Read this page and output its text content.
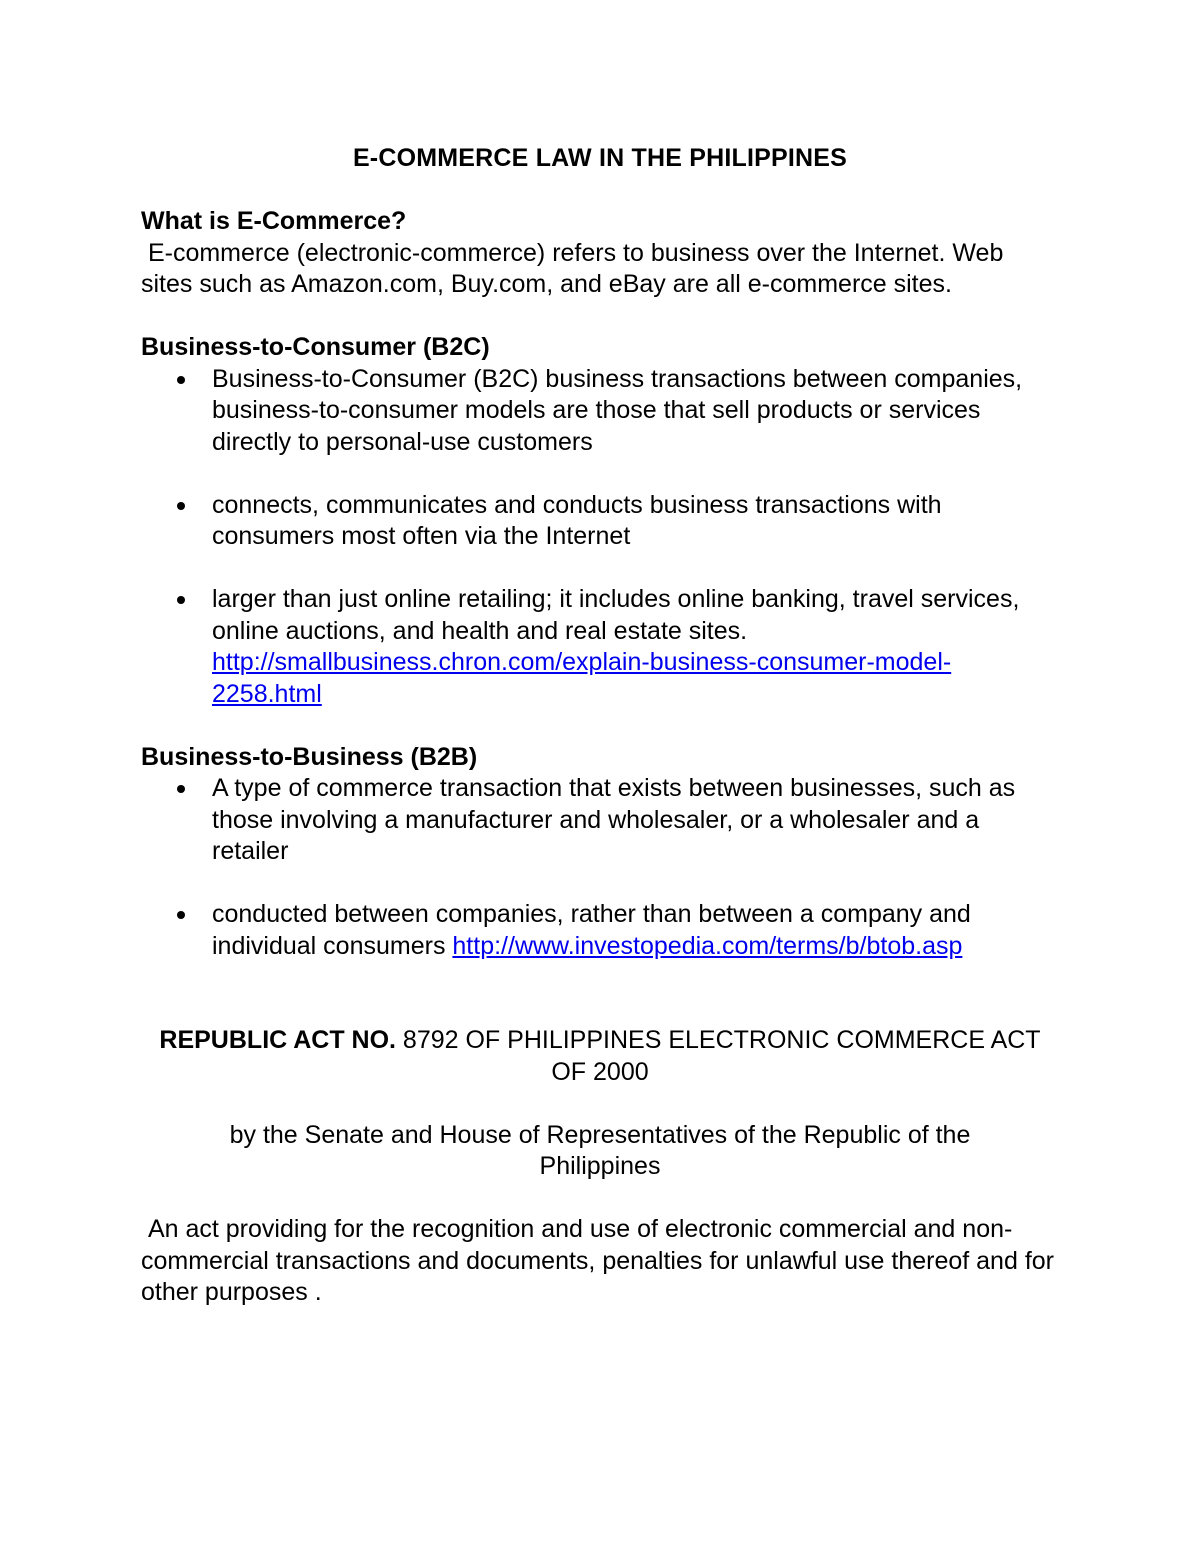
E-COMMERCE LAW IN THE PHILIPPINES

What is E-Commerce?

E-commerce (electronic-commerce) refers to business over the Internet. Web sites such as Amazon.com, Buy.com, and eBay are all e-commerce sites.

Business-to-Consumer (B2C)

Business-to-Consumer (B2C) business transactions between companies, business-to-consumer models are those that sell products or services directly to personal-use customers
connects, communicates and conducts business transactions with consumers most often via the Internet
larger than just online retailing; it includes online banking, travel services, online auctions, and health and real estate sites. http://smallbusiness.chron.com/explain-business-consumer-model-2258.html

Business-to-Business (B2B)

A type of commerce transaction that exists between businesses, such as those involving a manufacturer and wholesaler, or a wholesaler and a retailer
conducted between companies, rather than between a company and individual consumers http://www.investopedia.com/terms/b/btob.asp

REPUBLIC ACT NO. 8792 OF PHILIPPINES ELECTRONIC COMMERCE ACT OF 2000

by the Senate and House of Representatives of the Republic of the Philippines

An act providing for the recognition and use of electronic commercial and non-commercial transactions and documents, penalties for unlawful use thereof and for other purposes .
